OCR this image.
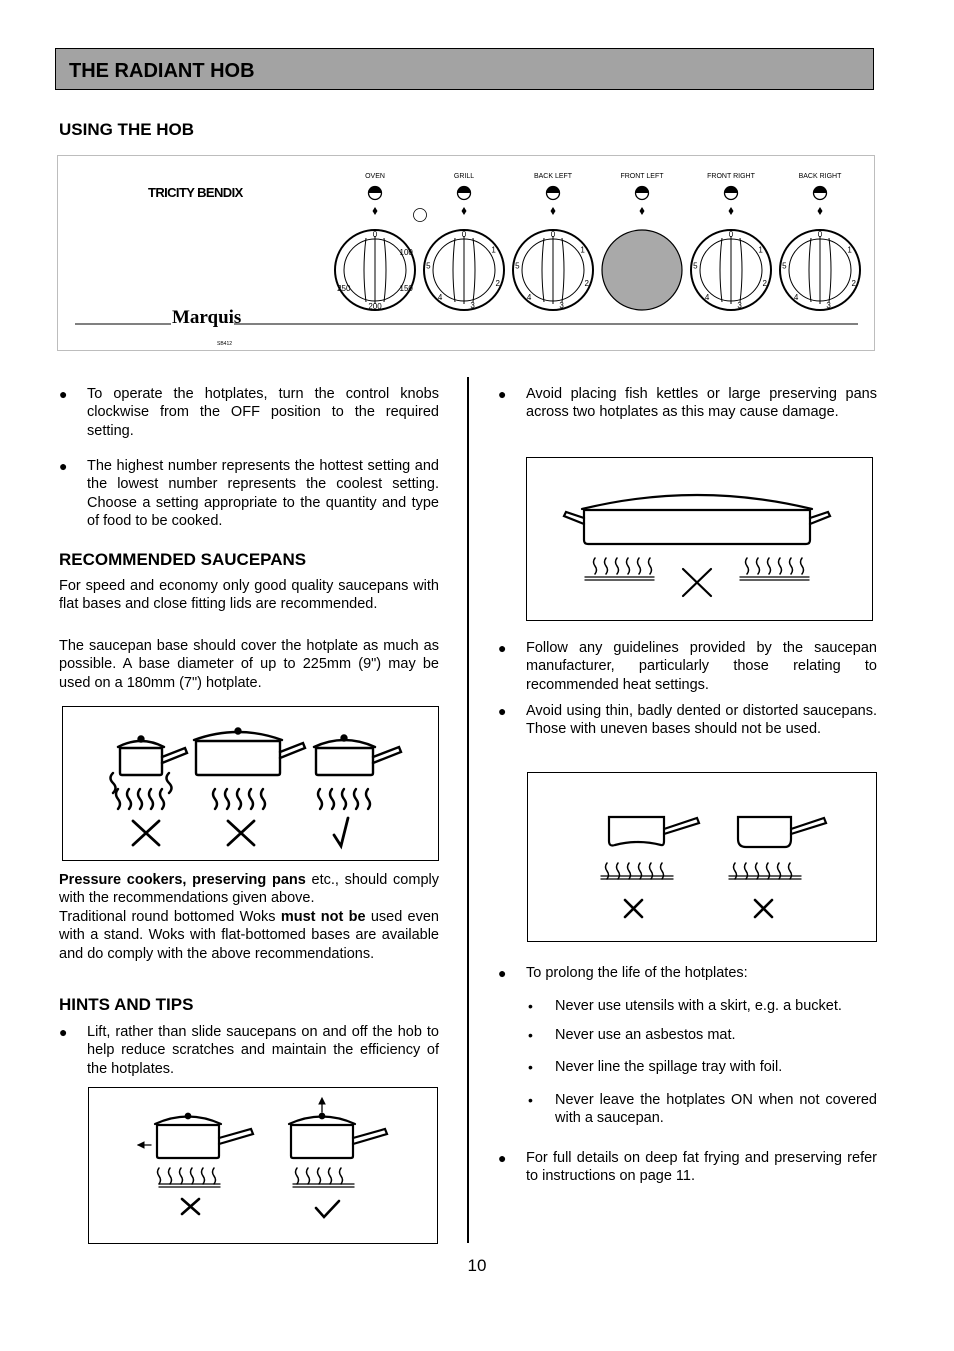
THE RADIANT HOB
USING THE HOB
TRICITY BENDIX
Marquis
SB412
OVEN
0
100
150
200
250
GRILL
0
1
2
3
4
5
BACK LEFT
0
1
2
3
4
5
FRONT LEFT	FRONT RIGHT
0
1
2
3
4
5
BACK RIGHT
0
1
2
3
4
5
● To operate the hotplates, turn the control knobs clockwise from the OFF position to the required setting.
● The highest number represents the hottest setting and the lowest number represents the coolest setting. Choose a setting appropriate to the quantity and type of food to be cooked.
RECOMMENDED SAUCEPANS
For speed and economy only good quality saucepans with flat bases and close fitting lids are recommended.
The saucepan base should cover the hotplate as much as possible. A base diameter of up to 225mm (9") may be used on a 180mm (7") hotplate.
Pressure cookers, preserving pans etc., should comply with the recommendations given above.
Traditional round bottomed Woks must not be used even with a stand. Woks with flat-bottomed bases are available and do comply with the above recommendations.
HINTS AND TIPS
● Lift, rather than slide saucepans on and off the hob to help reduce scratches and maintain the efficiency of the hotplates.
● Avoid placing fish kettles or large preserving pans across two hotplates as this may cause damage.
● Follow any guidelines provided by the saucepan manufacturer, particularly those relating to recommended heat settings.
● Avoid using thin, badly dented or distorted saucepans. Those with uneven bases should not be used.
● To prolong the life of the hotplates:
• Never use utensils with a skirt, e.g. a bucket.
• Never use an asbestos mat.
• Never line the spillage tray with foil.
• Never leave the hotplates ON when not covered with a saucepan.
● For full details on deep fat frying and preserving refer to instructions on page 11.
10
